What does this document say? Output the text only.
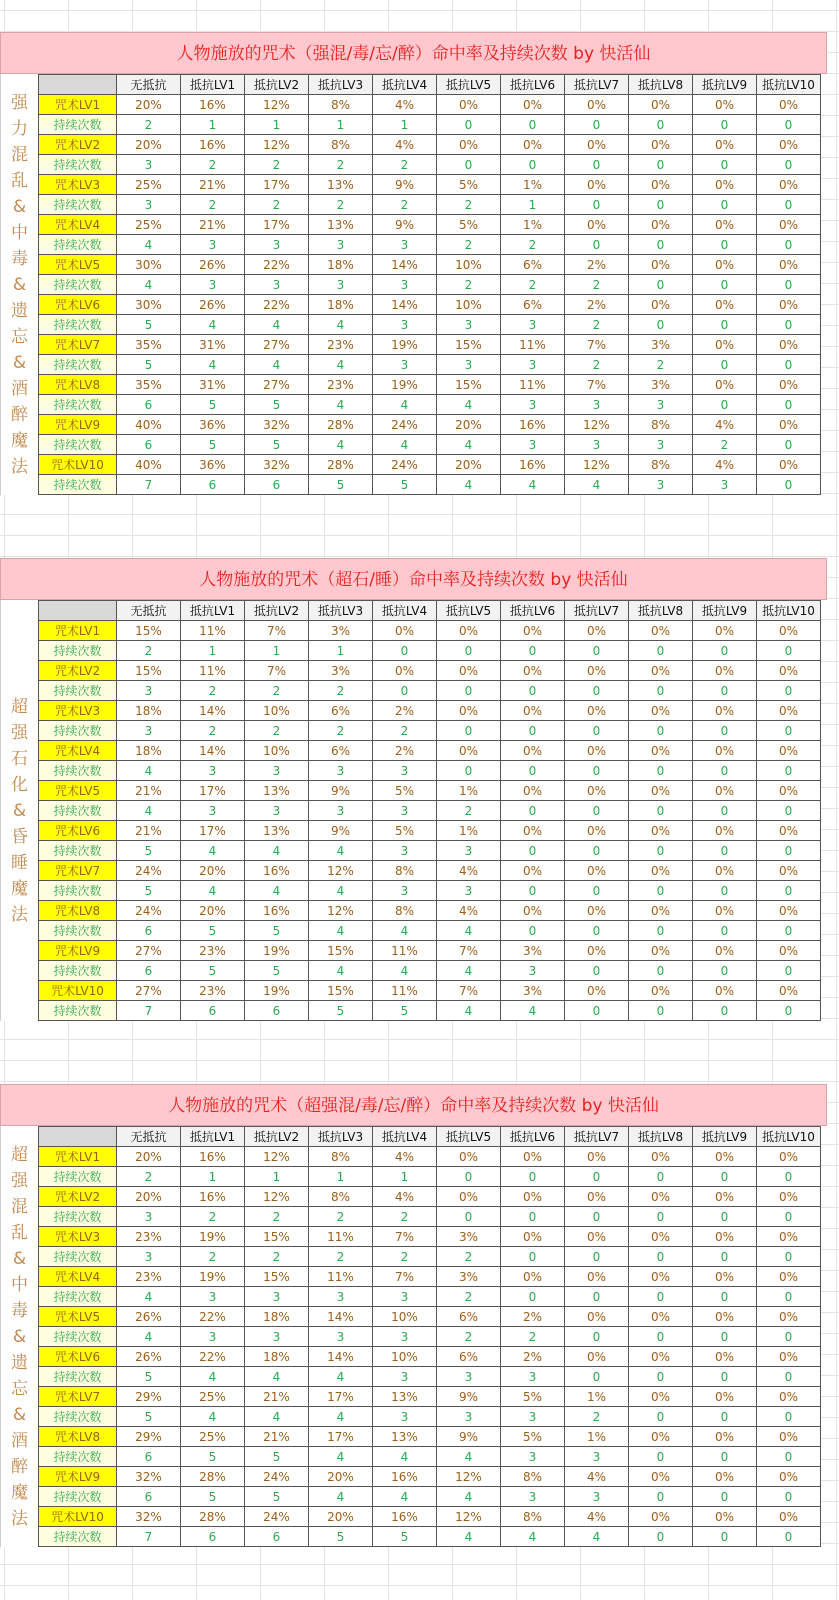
人物施放的咒术（强混/毒/忘/醉）命中率及持续次数 by 快活仙
强
力
混
乱
&
中
毒
&
遗
忘
&
酒
醉
魔
法
	无抵抗	抵抗LV1	抵抗LV2	抵抗LV3	抵抗LV4	抵抗LV5	抵抗LV6	抵抗LV7	抵抗LV8	抵抗LV9	抵抗LV10
咒术LV1	20%	16%	12%	8%	4%	0%	0%	0%	0%	0%	0%
持续次数	2	1	1	1	1	0	0	0	0	0	0
咒术LV2	20%	16%	12%	8%	4%	0%	0%	0%	0%	0%	0%
持续次数	3	2	2	2	2	0	0	0	0	0	0
咒术LV3	25%	21%	17%	13%	9%	5%	1%	0%	0%	0%	0%
持续次数	3	2	2	2	2	2	1	0	0	0	0
咒术LV4	25%	21%	17%	13%	9%	5%	1%	0%	0%	0%	0%
持续次数	4	3	3	3	3	2	2	0	0	0	0
咒术LV5	30%	26%	22%	18%	14%	10%	6%	2%	0%	0%	0%
持续次数	4	3	3	3	3	2	2	2	0	0	0
咒术LV6	30%	26%	22%	18%	14%	10%	6%	2%	0%	0%	0%
持续次数	5	4	4	4	3	3	3	2	0	0	0
咒术LV7	35%	31%	27%	23%	19%	15%	11%	7%	3%	0%	0%
持续次数	5	4	4	4	3	3	3	2	2	0	0
咒术LV8	35%	31%	27%	23%	19%	15%	11%	7%	3%	0%	0%
持续次数	6	5	5	4	4	4	3	3	3	0	0
咒术LV9	40%	36%	32%	28%	24%	20%	16%	12%	8%	4%	0%
持续次数	6	5	5	4	4	4	3	3	3	2	0
咒术LV10	40%	36%	32%	28%	24%	20%	16%	12%	8%	4%	0%
持续次数	7	6	6	5	5	4	4	4	3	3	0
人物施放的咒术（超石/睡）命中率及持续次数 by 快活仙
超
强
石
化
&
昏
睡
魔
法
	无抵抗	抵抗LV1	抵抗LV2	抵抗LV3	抵抗LV4	抵抗LV5	抵抗LV6	抵抗LV7	抵抗LV8	抵抗LV9	抵抗LV10
咒术LV1	15%	11%	7%	3%	0%	0%	0%	0%	0%	0%	0%
持续次数	2	1	1	1	0	0	0	0	0	0	0
咒术LV2	15%	11%	7%	3%	0%	0%	0%	0%	0%	0%	0%
持续次数	3	2	2	2	0	0	0	0	0	0	0
咒术LV3	18%	14%	10%	6%	2%	0%	0%	0%	0%	0%	0%
持续次数	3	2	2	2	2	0	0	0	0	0	0
咒术LV4	18%	14%	10%	6%	2%	0%	0%	0%	0%	0%	0%
持续次数	4	3	3	3	3	0	0	0	0	0	0
咒术LV5	21%	17%	13%	9%	5%	1%	0%	0%	0%	0%	0%
持续次数	4	3	3	3	3	2	0	0	0	0	0
咒术LV6	21%	17%	13%	9%	5%	1%	0%	0%	0%	0%	0%
持续次数	5	4	4	4	3	3	0	0	0	0	0
咒术LV7	24%	20%	16%	12%	8%	4%	0%	0%	0%	0%	0%
持续次数	5	4	4	4	3	3	0	0	0	0	0
咒术LV8	24%	20%	16%	12%	8%	4%	0%	0%	0%	0%	0%
持续次数	6	5	5	4	4	4	0	0	0	0	0
咒术LV9	27%	23%	19%	15%	11%	7%	3%	0%	0%	0%	0%
持续次数	6	5	5	4	4	4	3	0	0	0	0
咒术LV10	27%	23%	19%	15%	11%	7%	3%	0%	0%	0%	0%
持续次数	7	6	6	5	5	4	4	0	0	0	0
人物施放的咒术（超强混/毒/忘/醉）命中率及持续次数 by 快活仙
超
强
混
乱
&
中
毒
&
遗
忘
&
酒
醉
魔
法
	无抵抗	抵抗LV1	抵抗LV2	抵抗LV3	抵抗LV4	抵抗LV5	抵抗LV6	抵抗LV7	抵抗LV8	抵抗LV9	抵抗LV10
咒术LV1	20%	16%	12%	8%	4%	0%	0%	0%	0%	0%	0%
持续次数	2	1	1	1	1	0	0	0	0	0	0
咒术LV2	20%	16%	12%	8%	4%	0%	0%	0%	0%	0%	0%
持续次数	3	2	2	2	2	0	0	0	0	0	0
咒术LV3	23%	19%	15%	11%	7%	3%	0%	0%	0%	0%	0%
持续次数	3	2	2	2	2	2	0	0	0	0	0
咒术LV4	23%	19%	15%	11%	7%	3%	0%	0%	0%	0%	0%
持续次数	4	3	3	3	3	2	0	0	0	0	0
咒术LV5	26%	22%	18%	14%	10%	6%	2%	0%	0%	0%	0%
持续次数	4	3	3	3	3	2	2	0	0	0	0
咒术LV6	26%	22%	18%	14%	10%	6%	2%	0%	0%	0%	0%
持续次数	5	4	4	4	3	3	3	0	0	0	0
咒术LV7	29%	25%	21%	17%	13%	9%	5%	1%	0%	0%	0%
持续次数	5	4	4	4	3	3	3	2	0	0	0
咒术LV8	29%	25%	21%	17%	13%	9%	5%	1%	0%	0%	0%
持续次数	6	5	5	4	4	4	3	3	0	0	0
咒术LV9	32%	28%	24%	20%	16%	12%	8%	4%	0%	0%	0%
持续次数	6	5	5	4	4	4	3	3	0	0	0
咒术LV10	32%	28%	24%	20%	16%	12%	8%	4%	0%	0%	0%
持续次数	7	6	6	5	5	4	4	4	0	0	0
